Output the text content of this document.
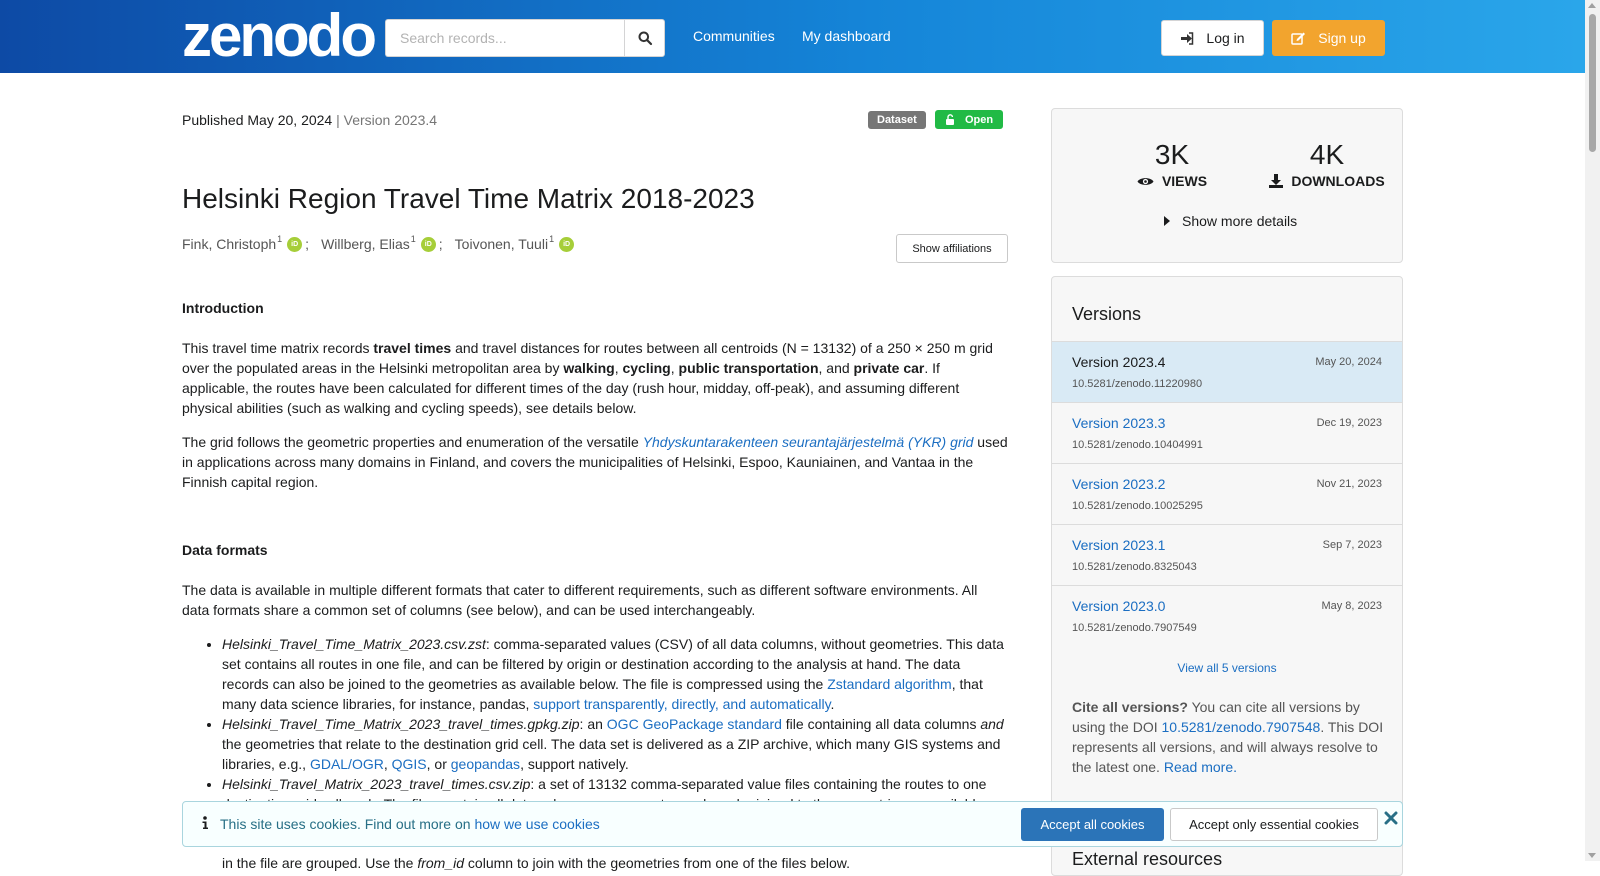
zenodo
Search records...	Communities My dashboard	Log in	Sign up
Published May 20, 2024 | Version 2023.4	Dataset	Open
Helsinki Region Travel Time Matrix 2018-2023
Fink, Christoph$^1$	iD ; Willberg, Elias$^1$	iD ; Toivonen, Tuuli$^1$	iD	Show affiliations
Introduction

This travel time matrix records travel times and travel distances for routes between all centroids (N = 13132) of a 250 × 250 m grid over the populated areas in the Helsinki metropolitan area by walking, cycling, public transportation, and private car. If applicable, the routes have been calculated for different times of the day (rush hour, midday, off-peak), and assuming different physical abilities (such as walking and cycling speeds), see details below.

The grid follows the geometric properties and enumeration of the versatile Yhdyskuntarakenteen seurantajärjestelmä (YKR) grid used in applications across many domains in Finland, and covers the municipalities of Helsinki, Espoo, Kauniainen, and Vantaa in the Finnish capital region.

Data formats

The data is available in multiple different formats that cater to different requirements, such as different software environments. All data formats share a common set of columns (see below), and can be used interchangeably.

• Helsinki_Travel_Time_Matrix_2023.csv.zst: comma-separated values (CSV) of all data columns, without geometries. This data set contains all routes in one file, and can be filtered by origin or destination according to the analysis at hand. The data records can also be joined to the geometries as available below. The file is compressed using the Zstandard algorithm, that many data science libraries, for instance, pandas, support transparently, directly, and automatically.
• Helsinki_Travel_Time_Matrix_2023_travel_times.gpkg.zip: an OGC GeoPackage standard file containing all data columns and the geometries that relate to the destination grid cell. The data set is delivered as a ZIP archive, which many GIS systems and libraries, e.g., GDAL/OGR, QGIS, or geopandas, support natively.
• Helsinki_Travel_Matrix_2023_travel_times.csv.zip: a set of 13132 comma-separated value files containing the routes to one

in the file are grouped. Use the from_id column to join with the geometries from one of the files below.

3K
VIEWS
4K
DOWNLOADS
Show more details
Versions
Version 2023.4	May 20, 2024
10.5281/zenodo.11220980
Version 2023.3	Dec 19, 2023
10.5281/zenodo.10404991
Version 2023.2	Nov 21, 2023
10.5281/zenodo.10025295
Version 2023.1	Sep 7, 2023
10.5281/zenodo.8325043
Version 2023.0	May 8, 2023
10.5281/zenodo.7907549
View all 5 versions
Cite all versions? You can cite all versions by using the DOI 10.5281/zenodo.7907548. This DOI represents all versions, and will always resolve to the latest one. Read more.
External resources
This site uses cookies. Find out more on how we use cookies	Accept all cookies	Accept only essential cookies
